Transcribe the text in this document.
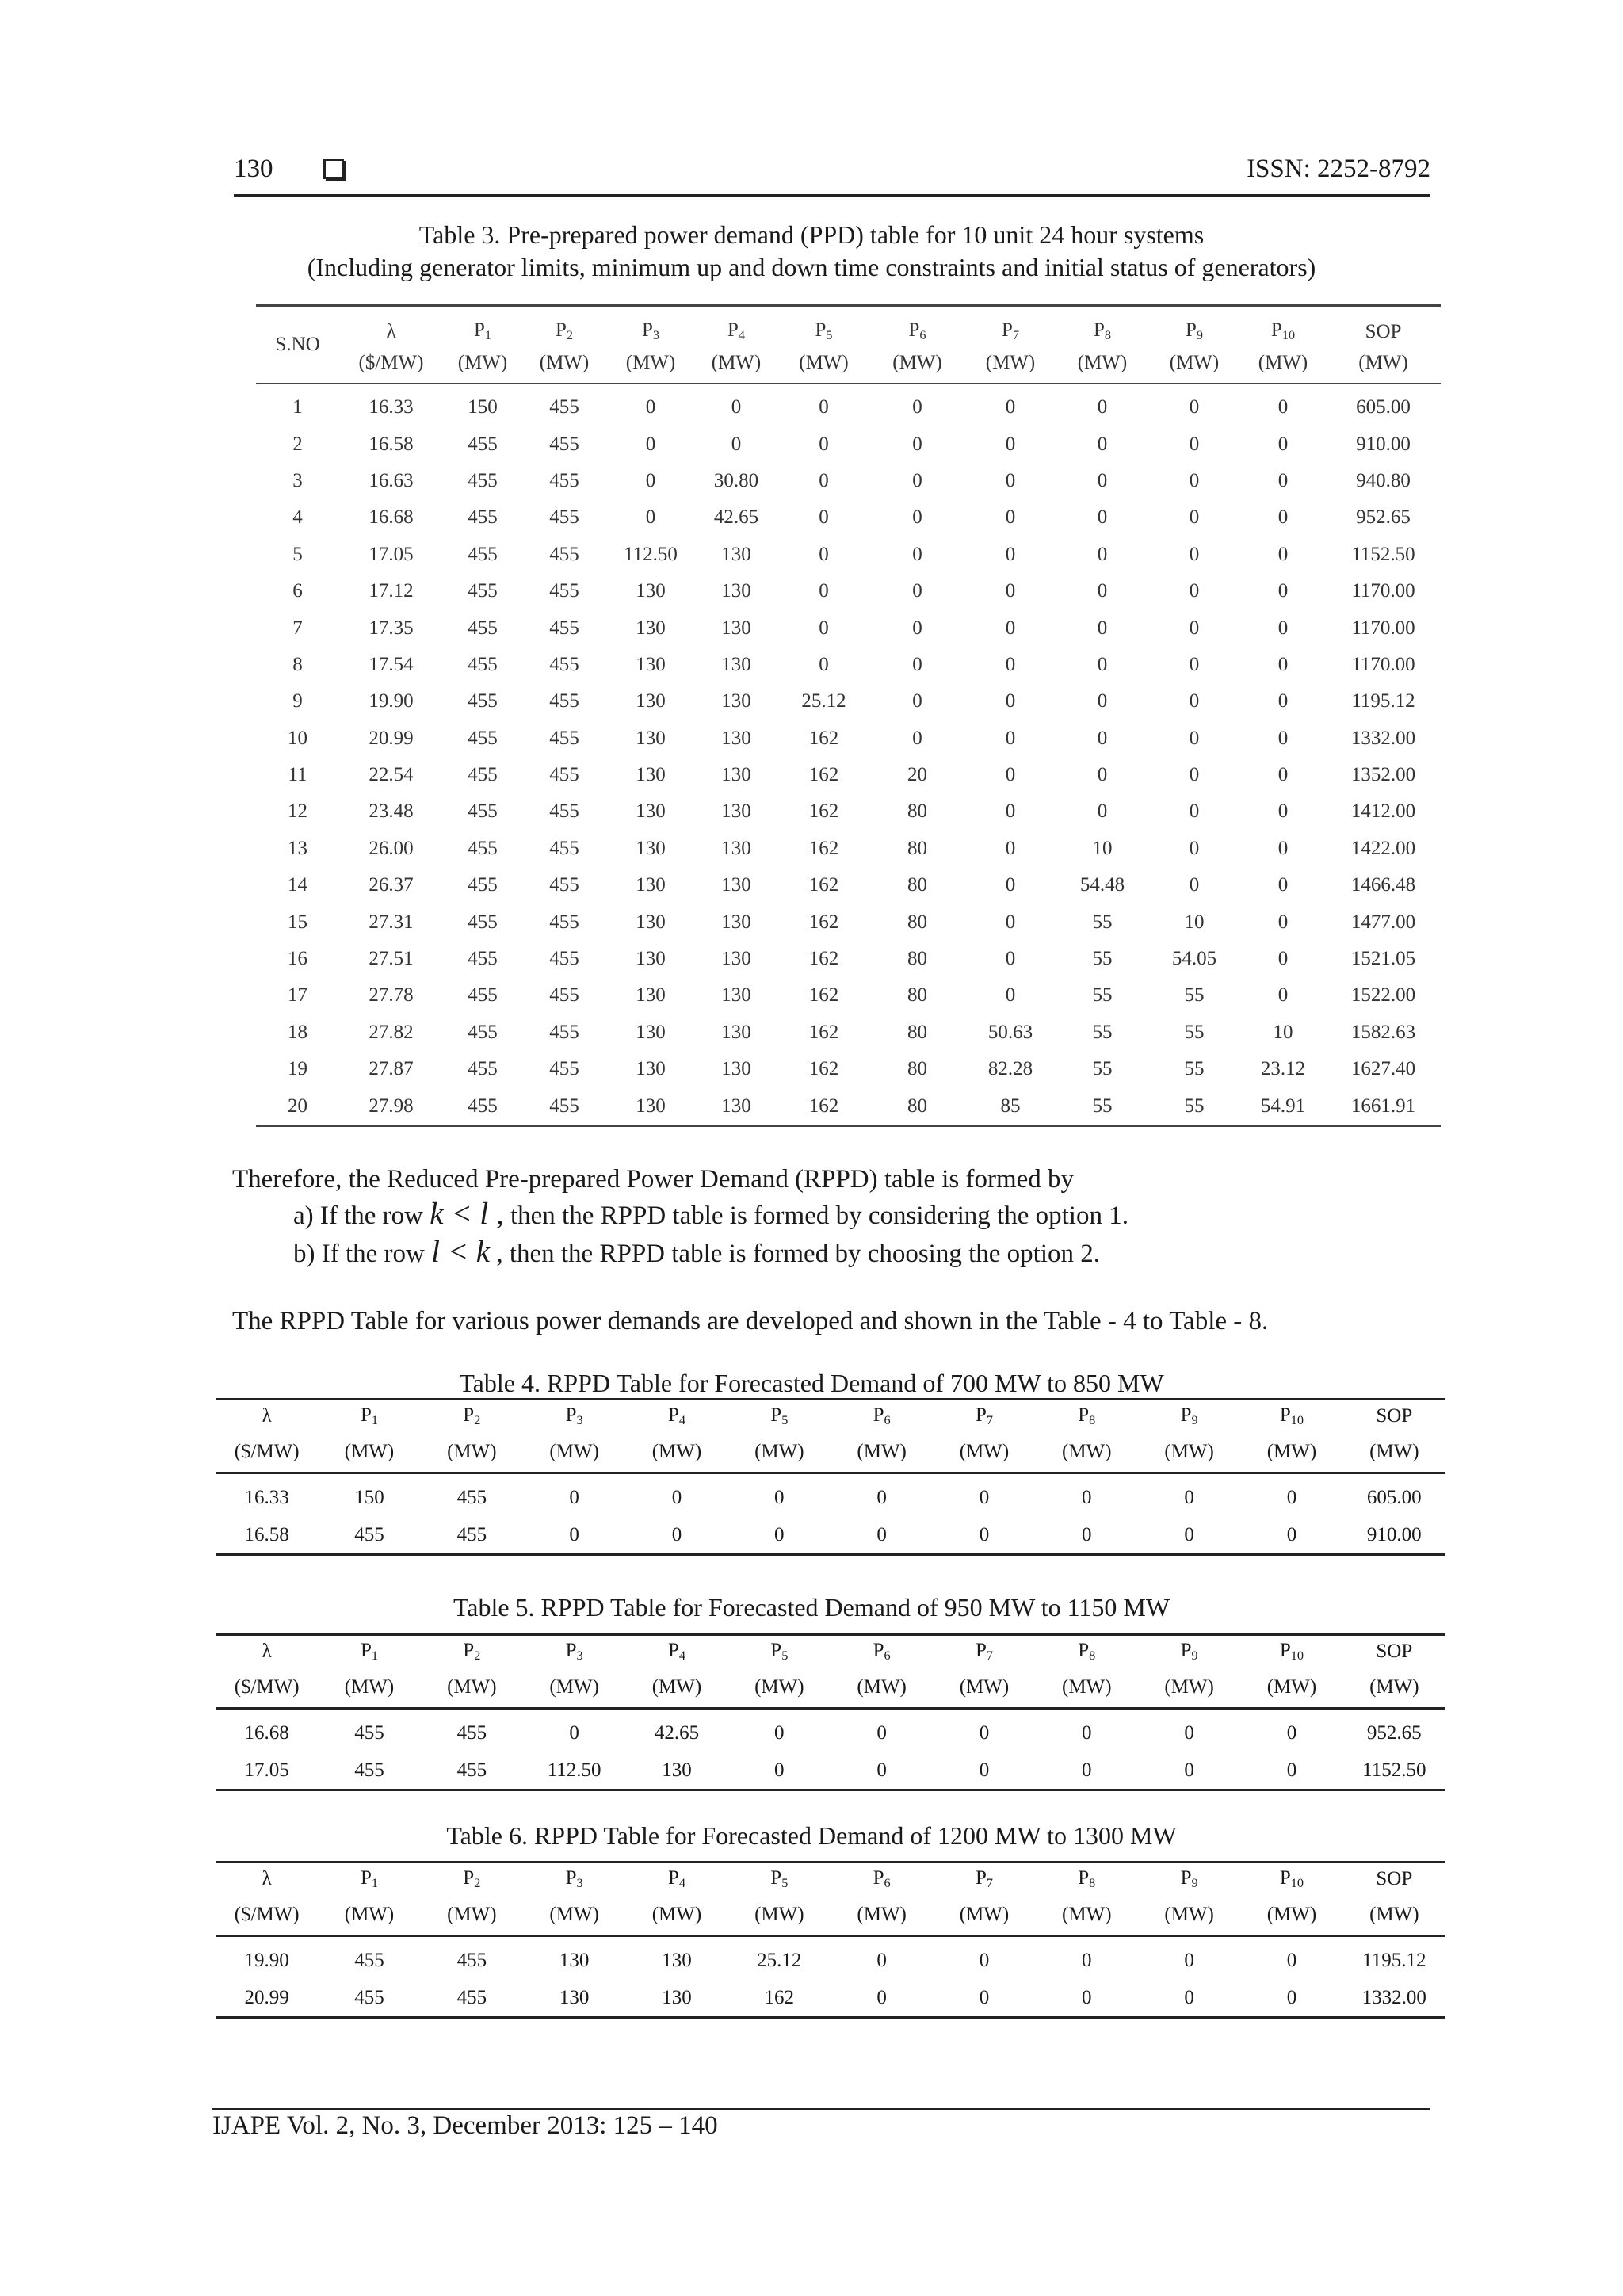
130	ISSN: 2252-8792
Table 3. Pre-prepared power demand (PPD) table for 10 unit 24 hour systems
(Including generator limits, minimum up and down time constraints and initial status of generators)
S.NO	λ	$P_1$	$P_2$	$P_3$	$P_4$	$P_5$	$P_6$	$P_7$	$P_8$	$P_9$	$P_{10}$	SOP
	($/MW)	(MW)	(MW)	(MW)	(MW)	(MW)	(MW)	(MW)	(MW)	(MW)	(MW)	(MW)
1	16.33	150	455	0	0	0	0	0	0	0	0	605.00
2	16.58	455	455	0	0	0	0	0	0	0	0	910.00
3	16.63	455	455	0	30.80	0	0	0	0	0	0	940.80
4	16.68	455	455	0	42.65	0	0	0	0	0	0	952.65
5	17.05	455	455	112.50	130	0	0	0	0	0	0	1152.50
6	17.12	455	455	130	130	0	0	0	0	0	0	1170.00
7	17.35	455	455	130	130	0	0	0	0	0	0	1170.00
8	17.54	455	455	130	130	0	0	0	0	0	0	1170.00
9	19.90	455	455	130	130	25.12	0	0	0	0	0	1195.12
10	20.99	455	455	130	130	162	0	0	0	0	0	1332.00
11	22.54	455	455	130	130	162	20	0	0	0	0	1352.00
12	23.48	455	455	130	130	162	80	0	0	0	0	1412.00
13	26.00	455	455	130	130	162	80	0	10	0	0	1422.00
14	26.37	455	455	130	130	162	80	0	54.48	0	0	1466.48
15	27.31	455	455	130	130	162	80	0	55	10	0	1477.00
16	27.51	455	455	130	130	162	80	0	55	54.05	0	1521.05
17	27.78	455	455	130	130	162	80	0	55	55	0	1522.00
18	27.82	455	455	130	130	162	80	50.63	55	55	10	1582.63
19	27.87	455	455	130	130	162	80	82.28	55	55	23.12	1627.40
20	27.98	455	455	130	130	162	80	85	55	55	54.91	1661.91
Therefore, the Reduced Pre-prepared Power Demand (RPPD) table is formed by
a) If the row k < l , then the RPPD table is formed by considering the option 1.
b) If the row l < k , then the RPPD table is formed by choosing the option 2.
The RPPD Table for various power demands are developed and shown in the Table - 4 to Table - 8.
Table 4. RPPD Table for Forecasted Demand of 700 MW to 850 MW
λ	$P_1$	$P_2$	$P_3$	$P_4$	$P_5$	$P_6$	$P_7$	$P_8$	$P_9$	$P_{10}$	SOP
($/MW)	(MW)	(MW)	(MW)	(MW)	(MW)	(MW)	(MW)	(MW)	(MW)	(MW)	(MW)
16.33	150	455	0	0	0	0	0	0	0	0	605.00
16.58	455	455	0	0	0	0	0	0	0	0	910.00
Table 5. RPPD Table for Forecasted Demand of 950 MW to 1150 MW
λ	$P_1$	$P_2$	$P_3$	$P_4$	$P_5$	$P_6$	$P_7$	$P_8$	$P_9$	$P_{10}$	SOP
($/MW)	(MW)	(MW)	(MW)	(MW)	(MW)	(MW)	(MW)	(MW)	(MW)	(MW)	(MW)
16.68	455	455	0	42.65	0	0	0	0	0	0	952.65
17.05	455	455	112.50	130	0	0	0	0	0	0	1152.50
Table 6. RPPD Table for Forecasted Demand of 1200 MW to 1300 MW
λ	$P_1$	$P_2$	$P_3$	$P_4$	$P_5$	$P_6$	$P_7$	$P_8$	$P_9$	$P_{10}$	SOP
($/MW)	(MW)	(MW)	(MW)	(MW)	(MW)	(MW)	(MW)	(MW)	(MW)	(MW)	(MW)
19.90	455	455	130	130	25.12	0	0	0	0	0	1195.12
20.99	455	455	130	130	162	0	0	0	0	0	1332.00
IJAPE Vol. 2, No. 3, December 2013: 125 – 140
